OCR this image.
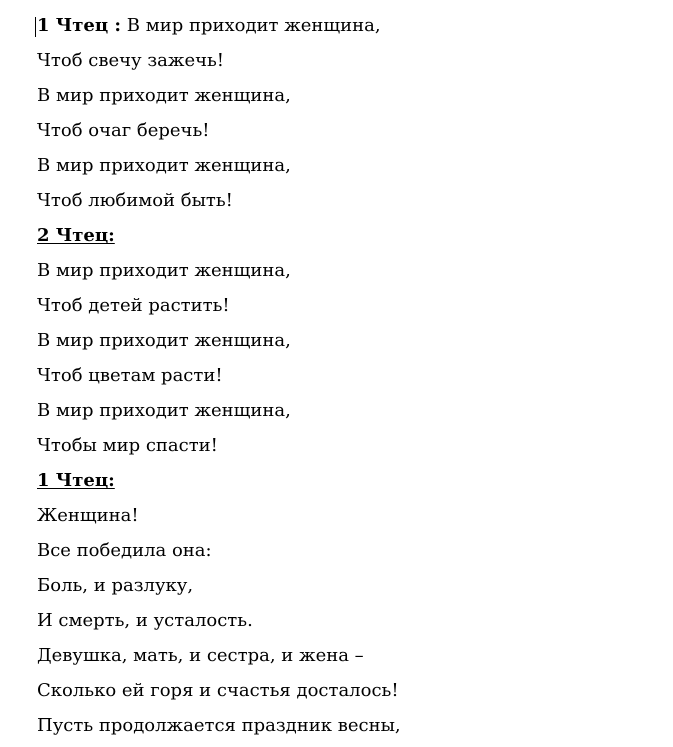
1 Чтец : В мир приходит женщина,
Чтоб свечу зажечь!
В мир приходит женщина,
Чтоб очаг беречь!
В мир приходит женщина,
Чтоб любимой быть!
2 Чтец:
В мир приходит женщина,
Чтоб детей растить!
В мир приходит женщина,
Чтоб цветам расти!
В мир приходит женщина,
Чтобы мир спасти!
1 Чтец:
Женщина!
Все победила она:
Боль, и разлуку,
И смерть, и усталость.
Девушка, мать, и сестра, и жена –
Сколько ей горя и счастья досталось!
Пусть продолжается праздник весны,
